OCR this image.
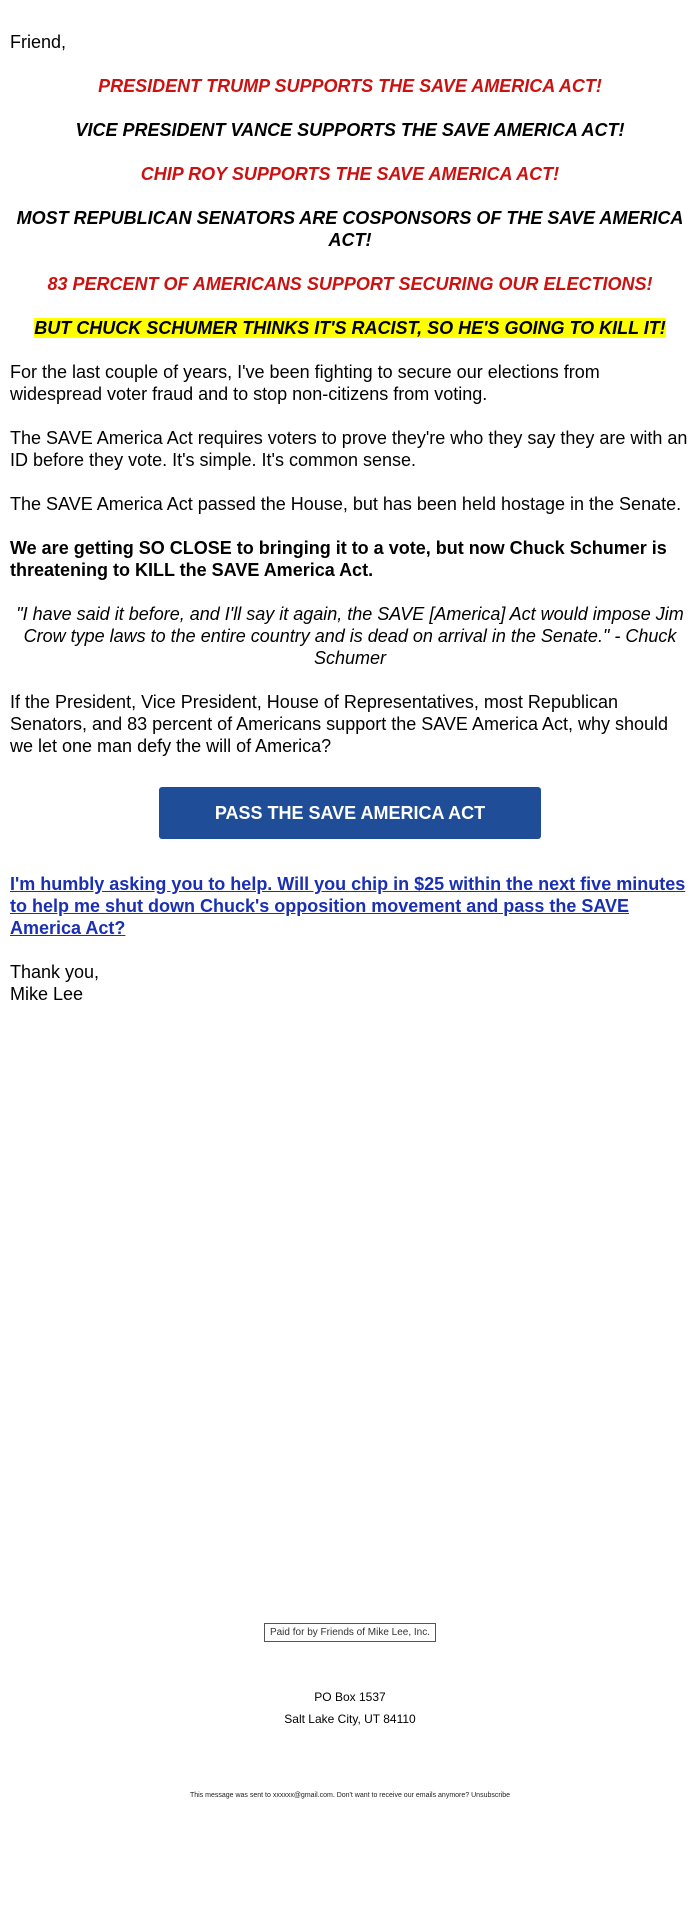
Friend,

PRESIDENT TRUMP SUPPORTS THE SAVE AMERICA ACT!

VICE PRESIDENT VANCE SUPPORTS THE SAVE AMERICA ACT!

CHIP ROY SUPPORTS THE SAVE AMERICA ACT!

MOST REPUBLICAN SENATORS ARE COSPONSORS OF THE SAVE AMERICA ACT!

83 PERCENT OF AMERICANS SUPPORT SECURING OUR ELECTIONS!

BUT CHUCK SCHUMER THINKS IT'S RACIST, SO HE'S GOING TO KILL IT!

For the last couple of years, I've been fighting to secure our elections from widespread voter fraud and to stop non-citizens from voting.

The SAVE America Act requires voters to prove they're who they say they are with an ID before they vote. It's simple. It's common sense.

The SAVE America Act passed the House, but has been held hostage in the Senate.

We are getting SO CLOSE to bringing it to a vote, but now Chuck Schumer is threatening to KILL the SAVE America Act.

"I have said it before, and I'll say it again, the SAVE [America] Act would impose Jim Crow type laws to the entire country and is dead on arrival in the Senate." - Chuck Schumer

If the President, Vice President, House of Representatives, most Republican Senators, and 83 percent of Americans support the SAVE America Act, why should we let one man defy the will of America?

PASS THE SAVE AMERICA ACT

I'm humbly asking you to help. Will you chip in $25 within the next five minutes to help me shut down Chuck's opposition movement and pass the SAVE America Act?

Thank you,

Mike Lee

Paid for by Friends of Mike Lee, Inc.
PO Box 1537
Salt Lake City, UT 84110
This message was sent to xxxxxx@gmail.com. Don't want to receive our emails anymore? Unsubscribe
